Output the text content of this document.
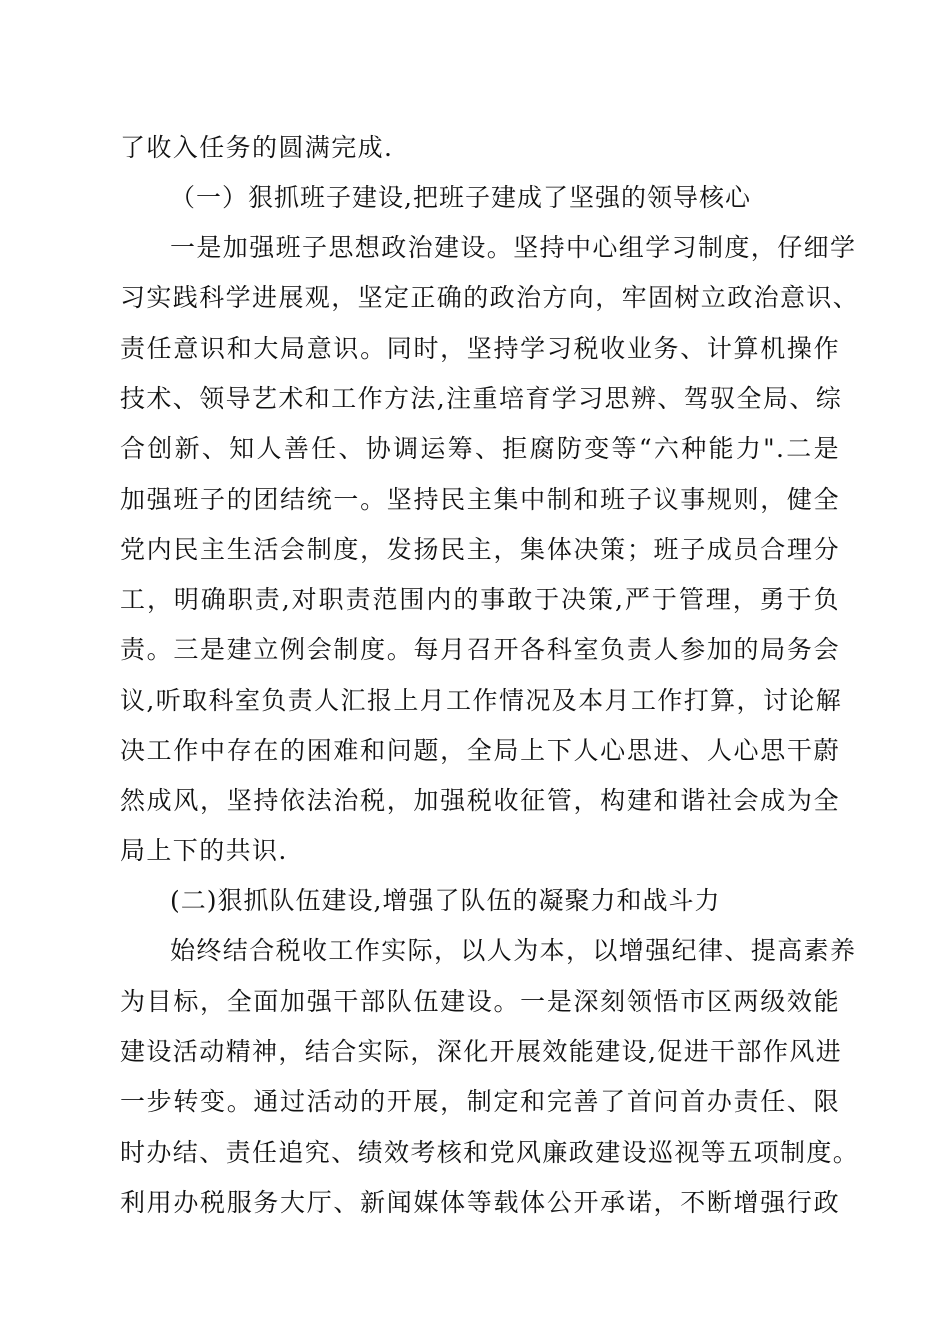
了收入任务的圆满完成.
（一）狠抓班子建设,把班子建成了坚强的领导核心
一是加强班子思想政治建设。坚持中心组学习制度，仔细学
习实践科学进展观，坚定正确的政治方向，牢固树立政治意识、
责任意识和大局意识。同时，坚持学习税收业务、计算机操作
技术、领导艺术和工作方法,注重培育学习思辨、驾驭全局、综
合创新、知人善任、协调运筹、拒腐防变等“六种能力".二是
加强班子的团结统一。坚持民主集中制和班子议事规则，健全
党内民主生活会制度，发扬民主，集体决策；班子成员合理分
工，明确职责,对职责范围内的事敢于决策,严于管理，勇于负
责。三是建立例会制度。每月召开各科室负责人参加的局务会
议,听取科室负责人汇报上月工作情况及本月工作打算，讨论解
决工作中存在的困难和问题，全局上下人心思进、人心思干蔚
然成风，坚持依法治税，加强税收征管，构建和谐社会成为全
局上下的共识.
(二)狠抓队伍建设,增强了队伍的凝聚力和战斗力
始终结合税收工作实际，以人为本，以增强纪律、提高素养
为目标，全面加强干部队伍建设。一是深刻领悟市区两级效能
建设活动精神，结合实际，深化开展效能建设,促进干部作风进
一步转变。通过活动的开展，制定和完善了首问首办责任、限
时办结、责任追究、绩效考核和党风廉政建设巡视等五项制度。
利用办税服务大厅、新闻媒体等载体公开承诺，不断增强行政
